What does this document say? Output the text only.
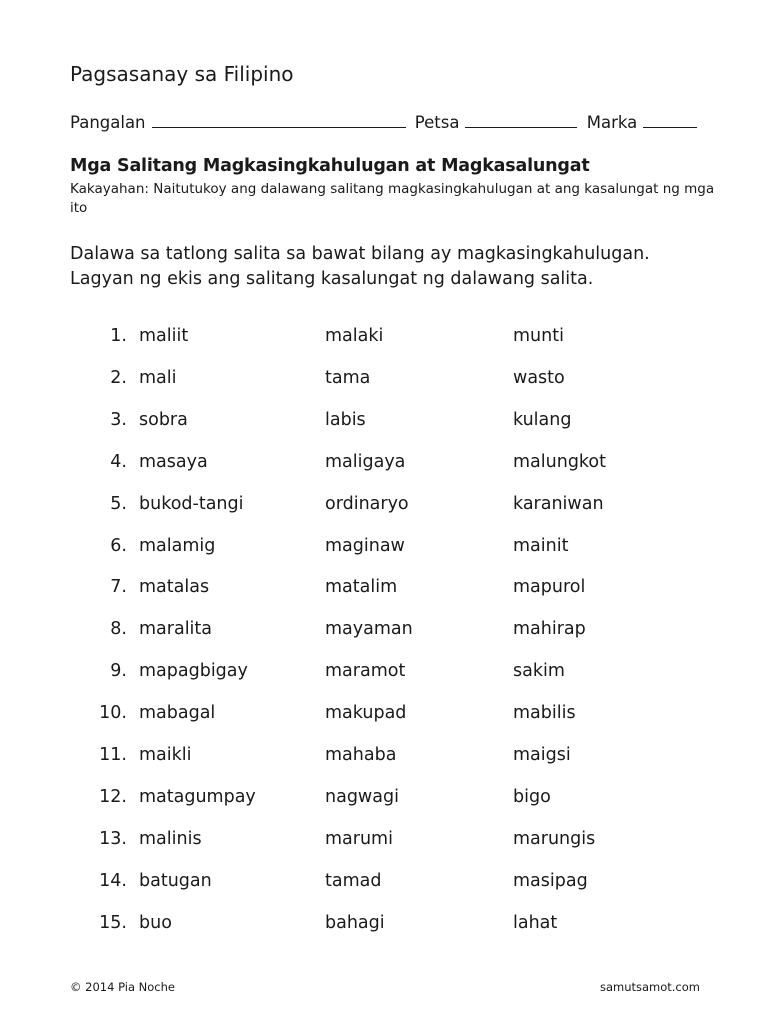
Pagsasanay sa Filipino
Pangalan	Petsa	Marka
Mga Salitang Magkasingkahulugan at Magkasalungat
Kakayahan: Naitutukoy ang dalawang salitang magkasingkahulugan at ang kasalungat ng mga ito
Dalawa sa tatlong salita sa bawat bilang ay magkasingkahulugan. Lagyan ng ekis ang salitang kasalungat ng dalawang salita.
1. maliit	malaki	munti
2. mali	tama	wasto
3. sobra	labis	kulang
4. masaya	maligaya	malungkot
5. bukod-tangi	ordinaryo	karaniwan
6. malamig	maginaw	mainit
7. matalas	matalim	mapurol
8. maralita	mayaman	mahirap
9. mapagbigay	maramot	sakim
10. mabagal	makupad	mabilis
11. maikli	mahaba	maigsi
12. matagumpay	nagwagi	bigo
13. malinis	marumi	marungis
14. batugan	tamad	masipag
15. buo	bahagi	lahat
© 2014 Pia Noche	samutsamot.com
